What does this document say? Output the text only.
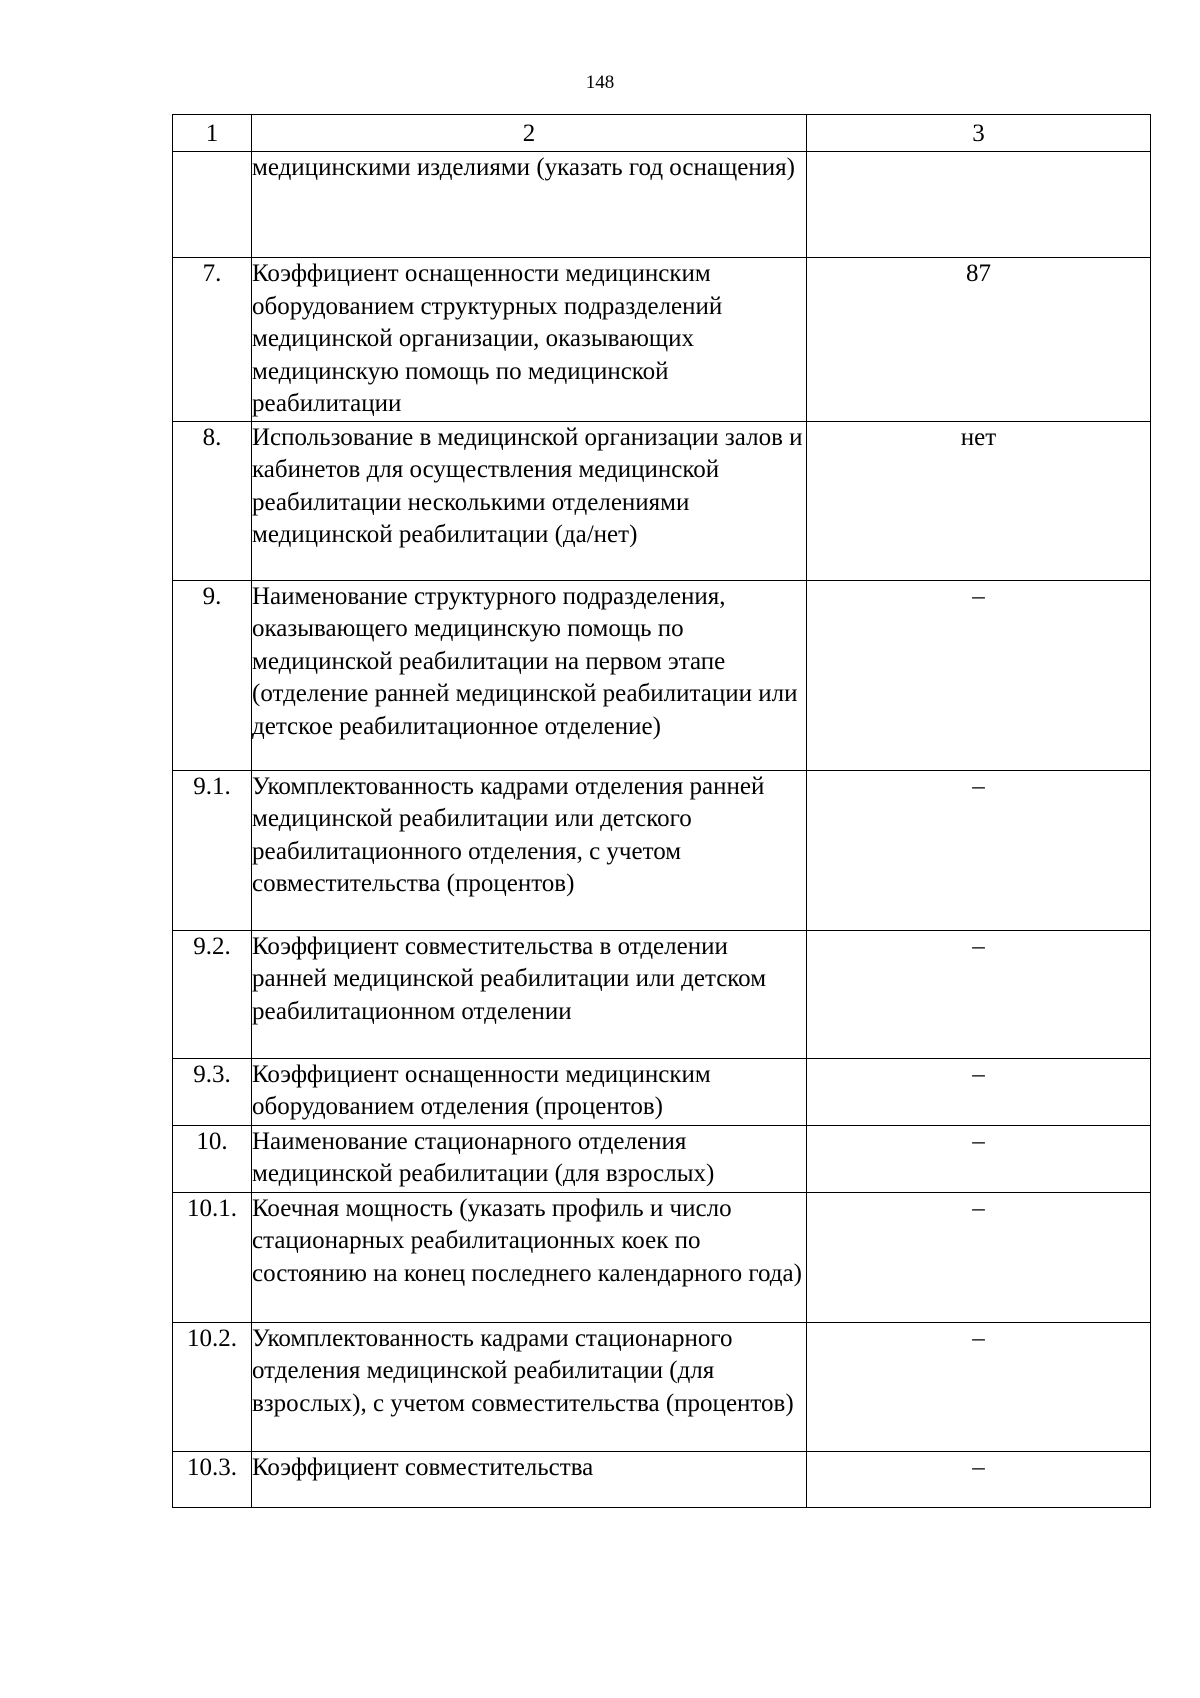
148
1	2	3
	медицинскими изделиями (указать год оснащения)	
7.	Коэффициент оснащенности медицинским оборудованием структурных подразделений медицинской организации, оказывающих медицинскую помощь по медицинской реабилитации	87
8.	Использование в медицинской организации залов и кабинетов для осуществления медицинской реабилитации несколькими отделениями медицинской реабилитации (да/нет)	нет
9.	Наименование структурного подразделения, оказывающего медицинскую помощь по медицинской реабилитации на первом этапе (отделение ранней медицинской реабилитации или детское реабилитационное отделение)	–
9.1.	Укомплектованность кадрами отделения ранней медицинской реабилитации или детского реабилитационного отделения, с учетом совместительства (процентов)	–
9.2.	Коэффициент совместительства в отделении ранней медицинской реабилитации или детском реабилитационном отделении	–
9.3.	Коэффициент оснащенности медицинским оборудованием отделения (процентов)	–
10.	Наименование стационарного отделения медицинской реабилитации (для взрослых)	–
10.1.	Коечная мощность (указать профиль и число стационарных реабилитационных коек по состоянию на конец последнего календарного года)	–
10.2.	Укомплектованность кадрами стационарного отделения медицинской реабилитации (для взрослых), с учетом совместительства (процентов)	–
10.3.	Коэффициент совместительства	–
